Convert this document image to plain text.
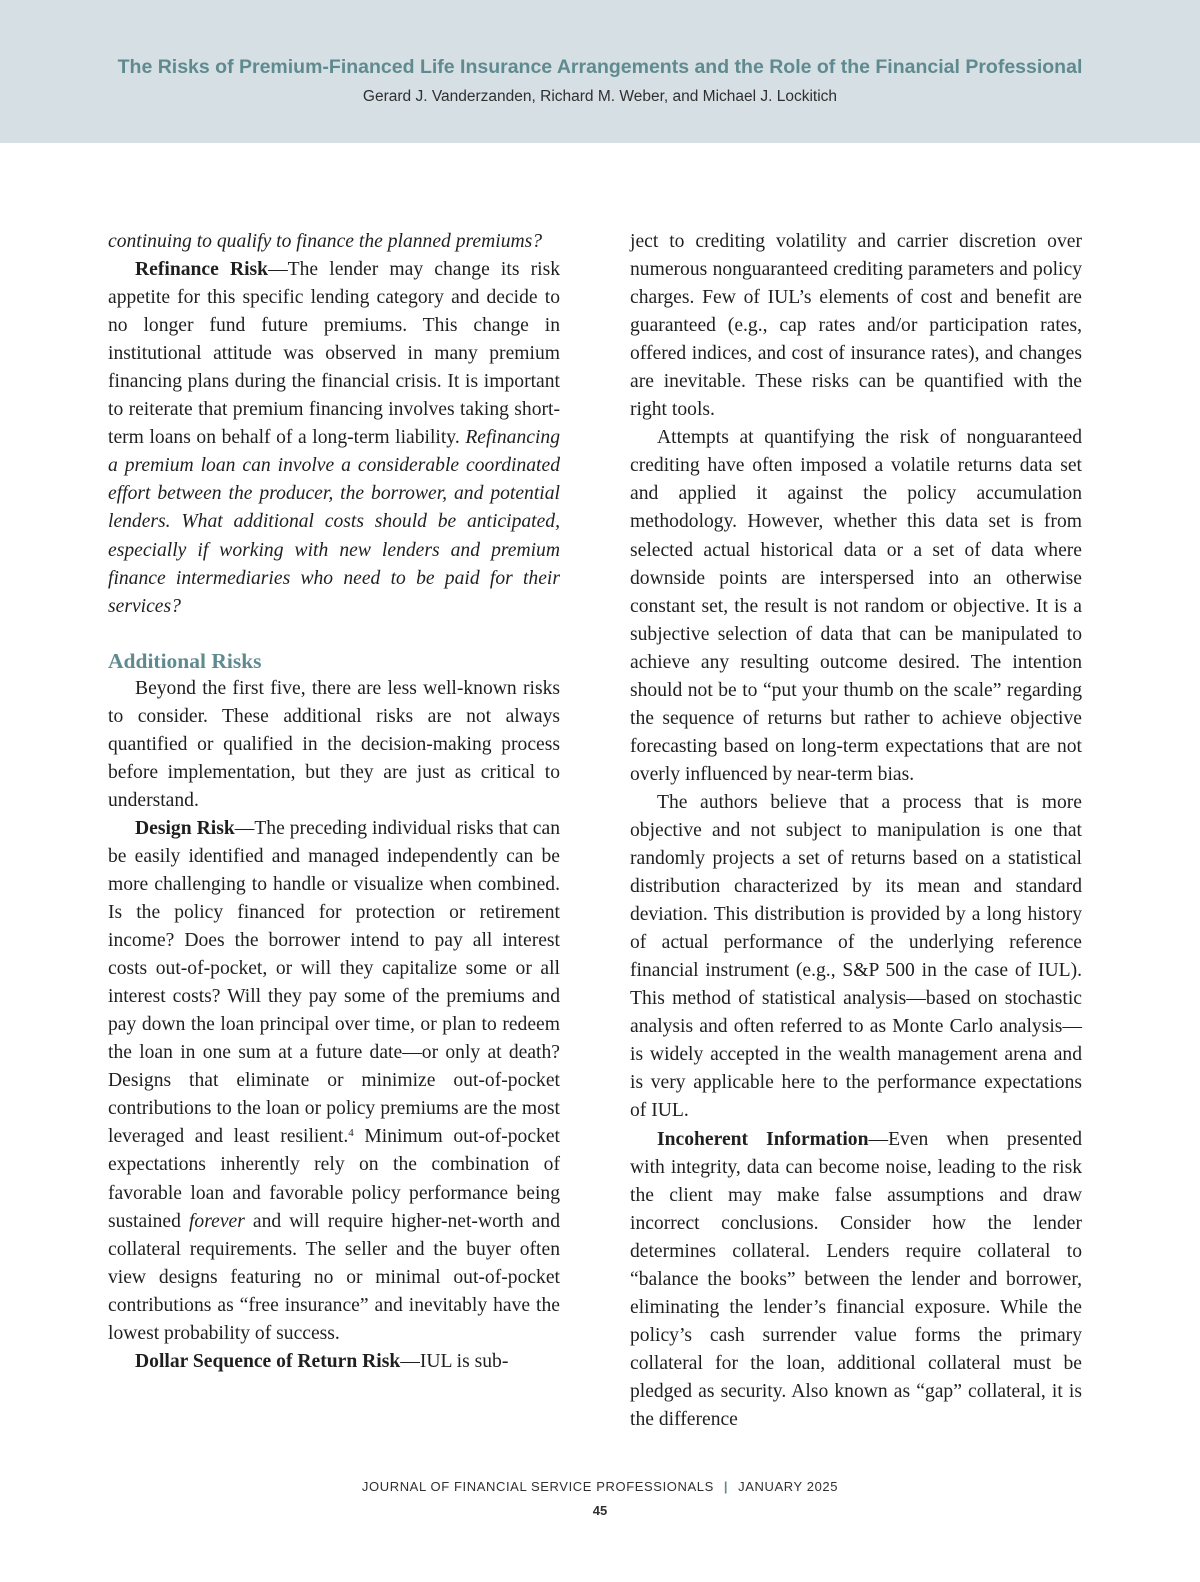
The Risks of Premium-Financed Life Insurance Arrangements and the Role of the Financial Professional
Gerard J. Vanderzanden, Richard M. Weber, and Michael J. Lockitich

continuing to qualify to finance the planned premiums?

Refinance Risk—The lender may change its risk appetite for this specific lending category and decide to no longer fund future premiums. This change in institutional attitude was observed in many premium financing plans during the financial crisis. It is important to reiterate that premium financing involves taking short-term loans on behalf of a long-term liability. Refinancing a premium loan can involve a considerable coordinated effort between the producer, the borrower, and potential lenders. What additional costs should be anticipated, especially if working with new lenders and premium finance intermediaries who need to be paid for their services?

Additional Risks

Beyond the first five, there are less well-known risks to consider. These additional risks are not always quantified or qualified in the decision-making process before implementation, but they are just as critical to understand.

Design Risk—The preceding individual risks that can be easily identified and managed independently can be more challenging to handle or visualize when combined. Is the policy financed for protection or retirement income? Does the borrower intend to pay all interest costs out-of-pocket, or will they capitalize some or all interest costs? Will they pay some of the premiums and pay down the loan principal over time, or plan to redeem the loan in one sum at a future date—or only at death? Designs that eliminate or minimize out-of-pocket contributions to the loan or policy premiums are the most leveraged and least resilient.$^4$ Minimum out-of-pocket expectations inherently rely on the combination of favorable loan and favorable policy performance being sustained forever and will require higher-net-worth and collateral requirements. The seller and the buyer often view designs featuring no or minimal out-of-pocket contributions as “free insurance” and inevitably have the lowest probability of success.

Dollar Sequence of Return Risk—IUL is sub-

ject to crediting volatility and carrier discretion over numerous nonguaranteed crediting parameters and policy charges. Few of IUL’s elements of cost and benefit are guaranteed (e.g., cap rates and/or participation rates, offered indices, and cost of insurance rates), and changes are inevitable. These risks can be quantified with the right tools.

Attempts at quantifying the risk of nonguaranteed crediting have often imposed a volatile returns data set and applied it against the policy accumulation methodology. However, whether this data set is from selected actual historical data or a set of data where downside points are interspersed into an otherwise constant set, the result is not random or objective. It is a subjective selection of data that can be manipulated to achieve any resulting outcome desired. The intention should not be to “put your thumb on the scale” regarding the sequence of returns but rather to achieve objective forecasting based on long-term expectations that are not overly influenced by near-term bias.

The authors believe that a process that is more objective and not subject to manipulation is one that randomly projects a set of returns based on a statistical distribution characterized by its mean and standard deviation. This distribution is provided by a long history of actual performance of the underlying reference financial instrument (e.g., S&P 500 in the case of IUL). This method of statistical analysis—based on stochastic analysis and often referred to as Monte Carlo analysis—is widely accepted in the wealth management arena and is very applicable here to the performance expectations of IUL.

Incoherent Information—Even when presented with integrity, data can become noise, leading to the risk the client may make false assumptions and draw incorrect conclusions. Consider how the lender determines collateral. Lenders require collateral to “balance the books” between the lender and borrower, eliminating the lender’s financial exposure. While the policy’s cash surrender value forms the primary collateral for the loan, additional collateral must be pledged as security. Also known as “gap” collateral, it is the difference

JOURNAL OF FINANCIAL SERVICE PROFESSIONALS | JANUARY 2025
45
